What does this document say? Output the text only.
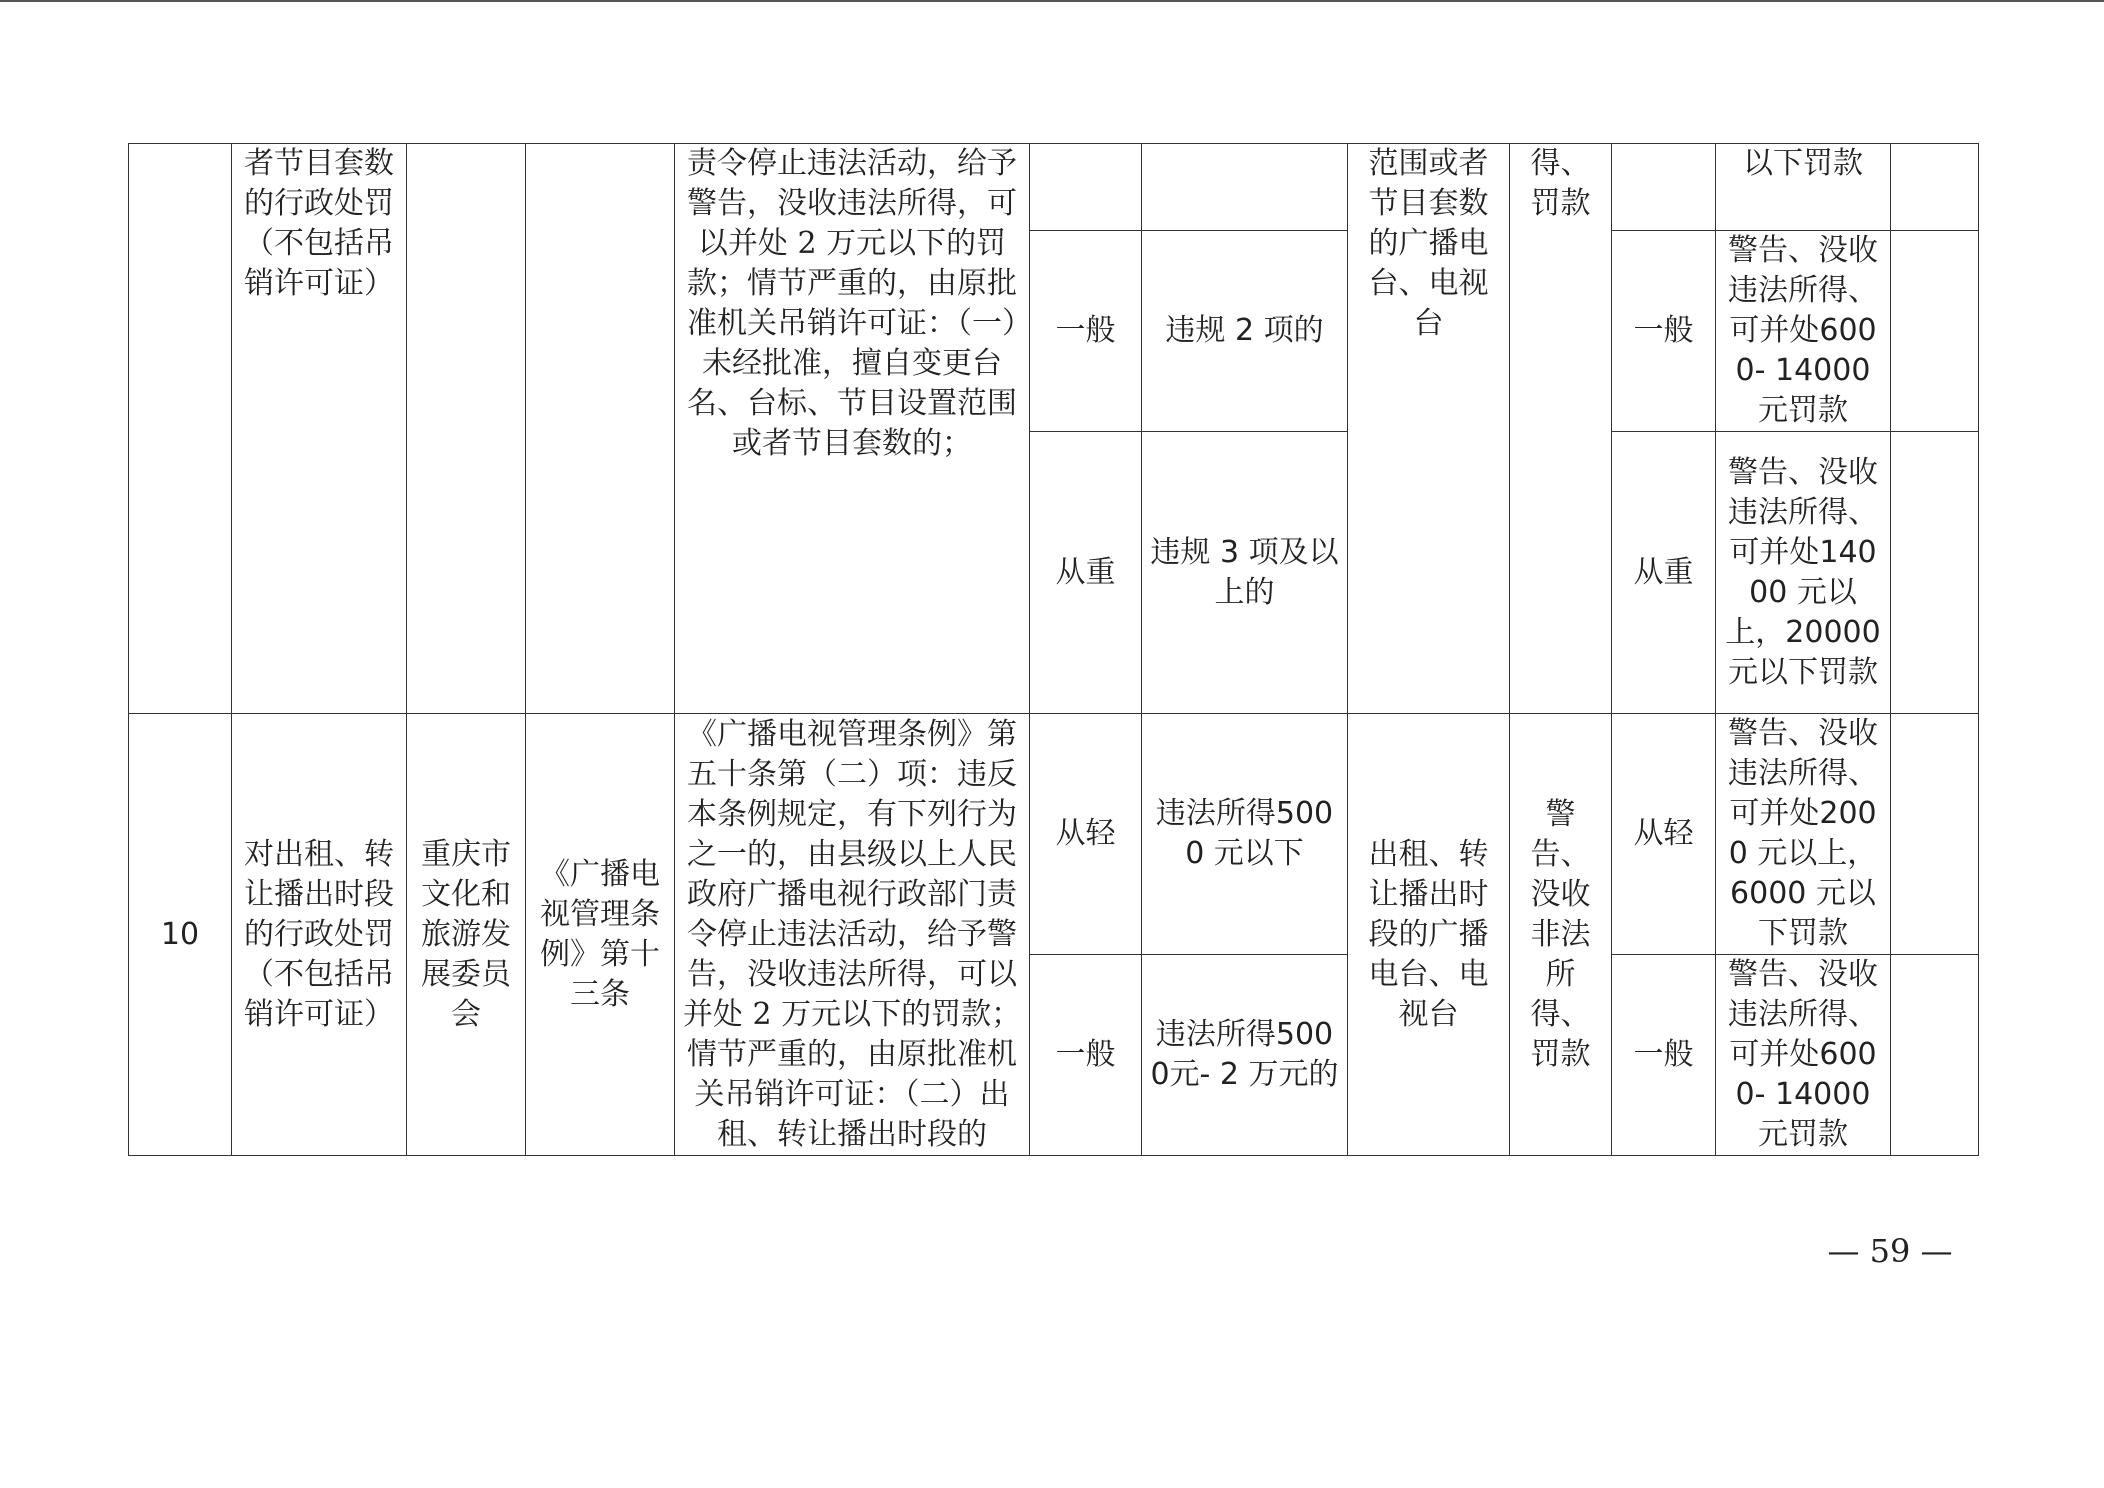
	者节目套数的行政处罚（不包括吊销许可证）			责令停止违法活动，给予警告，没收违法所得，可以并处 2 万元以下的罚款；情节严重的，由原批准机关吊销许可证：（一）未经批准，擅自变更台名、台标、节目设置范围或者节目套数的；			范围或者节目套数的广播电台、电视台	得、罚款		以下罚款	
					一般	违规 2 项的			一般	警告、没收违法所得、可并处6000- 14000 元罚款	
					从重	违规 3 项及以上的			从重	警告、没收违法所得、可并处14000 元以上，20000 元以下罚款	
10	对出租、转让播出时段的行政处罚（不包括吊销许可证）	重庆市文化和旅游发展委员会	《广播电视管理条例》第十三条	《广播电视管理条例》第五十条第（二）项：违反本条例规定，有下列行为之一的，由县级以上人民政府广播电视行政部门责令停止违法活动，给予警告，没收违法所得，可以并处 2 万元以下的罚款；情节严重的，由原批准机关吊销许可证：（二）出租、转让播出时段的	从轻	违法所得5000 元以下	出租、转让播出时段的广播电台、电视台	警告、没收非法所得、罚款	从轻	警告、没收违法所得、可并处2000 元以上，6000 元以下罚款	
					一般	违法所得5000元- 2 万元的			一般	警告、没收违法所得、可并处6000- 14000 元罚款	
— 59 —
